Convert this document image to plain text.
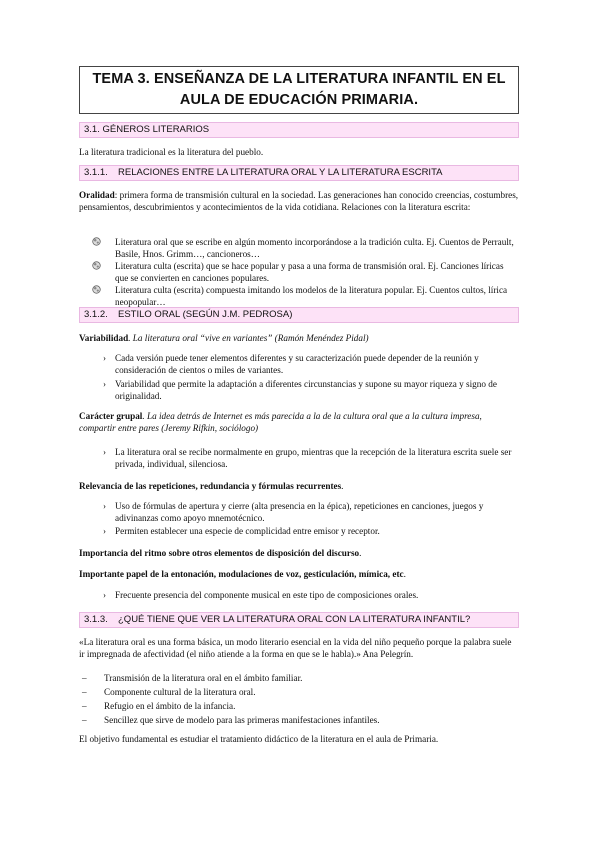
TEMA 3. ENSEÑANZA DE LA LITERATURA INFANTIL EN EL
AULA DE EDUCACIÓN PRIMARIA.
3.1. GÉNEROS LITERARIOS

La literatura tradicional es la literatura del pueblo.

3.1.1. RELACIONES ENTRE LA LITERATURA ORAL Y LA LITERATURA ESCRITA

Oralidad: primera forma de transmisión cultural en la sociedad. Las generaciones han conocido creencias, costumbres, pensamientos, descubrimientos y acontecimientos de la vida cotidiana. Relaciones con la literatura escrita:

Literatura oral que se escribe en algún momento incorporándose a la tradición culta. Ej. Cuentos de Perrault, Basile, Hnos. Grimm…, cancioneros…
Literatura culta (escrita) que se hace popular y pasa a una forma de transmisión oral. Ej. Canciones líricas que se convierten en canciones populares.
Literatura culta (escrita) compuesta imitando los modelos de la literatura popular. Ej. Cuentos cultos, lírica neopopular…
3.1.2. ESTILO ORAL (SEGÚN J.M. PEDROSA)

Variabilidad. La literatura oral “vive en variantes” (Ramón Menéndez Pidal)

› Cada versión puede tener elementos diferentes y su caracterización puede depender de la reunión y consideración de cientos o miles de variantes.
› Variabilidad que permite la adaptación a diferentes circunstancias y supone su mayor riqueza y signo de originalidad.

Carácter grupal. La idea detrás de Internet es más parecida a la de la cultura oral que a la cultura impresa, compartir entre pares (Jeremy Rifkin, sociólogo)

› La literatura oral se recibe normalmente en grupo, mientras que la recepción de la literatura escrita suele ser privada, individual, silenciosa.

Relevancia de las repeticiones, redundancia y fórmulas recurrentes.

› Uso de fórmulas de apertura y cierre (alta presencia en la épica), repeticiones en canciones, juegos y adivinanzas como apoyo mnemotécnico.
› Permiten establecer una especie de complicidad entre emisor y receptor.

Importancia del ritmo sobre otros elementos de disposición del discurso.

Importante papel de la entonación, modulaciones de voz, gesticulación, mímica, etc.

› Frecuente presencia del componente musical en este tipo de composiciones orales.
3.1.3. ¿QUÉ TIENE QUE VER LA LITERATURA ORAL CON LA LITERATURA INFANTIL?

«La literatura oral es una forma básica, un modo literario esencial en la vida del niño pequeño porque la palabra suele ir impregnada de afectividad (el niño atiende a la forma en que se le habla).» Ana Pelegrín.

– Transmisión de la literatura oral en el ámbito familiar.
– Componente cultural de la literatura oral.
– Refugio en el ámbito de la infancia.
– Sencillez que sirve de modelo para las primeras manifestaciones infantiles.

El objetivo fundamental es estudiar el tratamiento didáctico de la literatura en el aula de Primaria.
